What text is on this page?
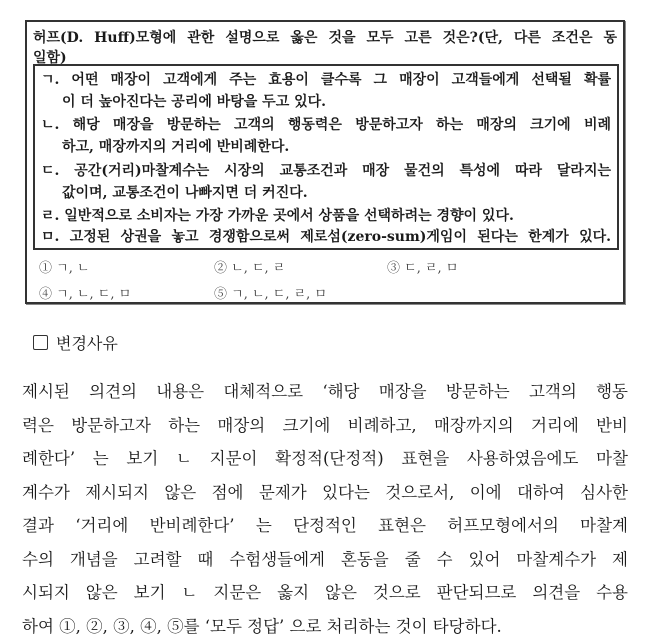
허프(D. Huff)모형에 관한 설명으로 옳은 것을 모두 고른 것은?(단, 다른 조건은 동
일함)
ㄱ. 어떤 매장이 고객에게 주는 효용이 클수록 그 매장이 고객들에게 선택될 확률
이 더 높아진다는 공리에 바탕을 두고 있다.
ㄴ. 해당 매장을 방문하는 고객의 행동력은 방문하고자 하는 매장의 크기에 비례
하고, 매장까지의 거리에 반비례한다.
ㄷ. 공간(거리)마찰계수는 시장의 교통조건과 매장 물건의 특성에 따라 달라지는
값이며, 교통조건이 나빠지면 더 커진다.
ㄹ. 일반적으로 소비자는 가장 가까운 곳에서 상품을 선택하려는 경향이 있다.
ㅁ. 고정된 상권을 놓고 경쟁함으로써 제로섬(zero-sum)게임이 된다는 한계가 있다.
① ㄱ, ㄴ	② ㄴ, ㄷ, ㄹ	③ ㄷ, ㄹ, ㅁ
④ ㄱ, ㄴ, ㄷ, ㅁ	⑤ ㄱ, ㄴ, ㄷ, ㄹ, ㅁ
변경사유
제시된 의견의 내용은 대체적으로 ‘해당 매장을 방문하는 고객의 행동
력은 방문하고자 하는 매장의 크기에 비례하고, 매장까지의 거리에 반비
례한다’ 는 보기 ㄴ 지문이 확정적(단정적) 표현을 사용하였음에도 마찰
계수가 제시되지 않은 점에 문제가 있다는 것으로서, 이에 대하여 심사한
결과 ‘거리에 반비례한다’ 는 단정적인 표현은 허프모형에서의 마찰계
수의 개념을 고려할 때 수험생들에게 혼동을 줄 수 있어 마찰계수가 제
시되지 않은 보기 ㄴ 지문은 옳지 않은 것으로 판단되므로 의견을 수용
하여 ①, ②, ③, ④, ⑤를 ‘모두 정답’ 으로 처리하는 것이 타당하다.
